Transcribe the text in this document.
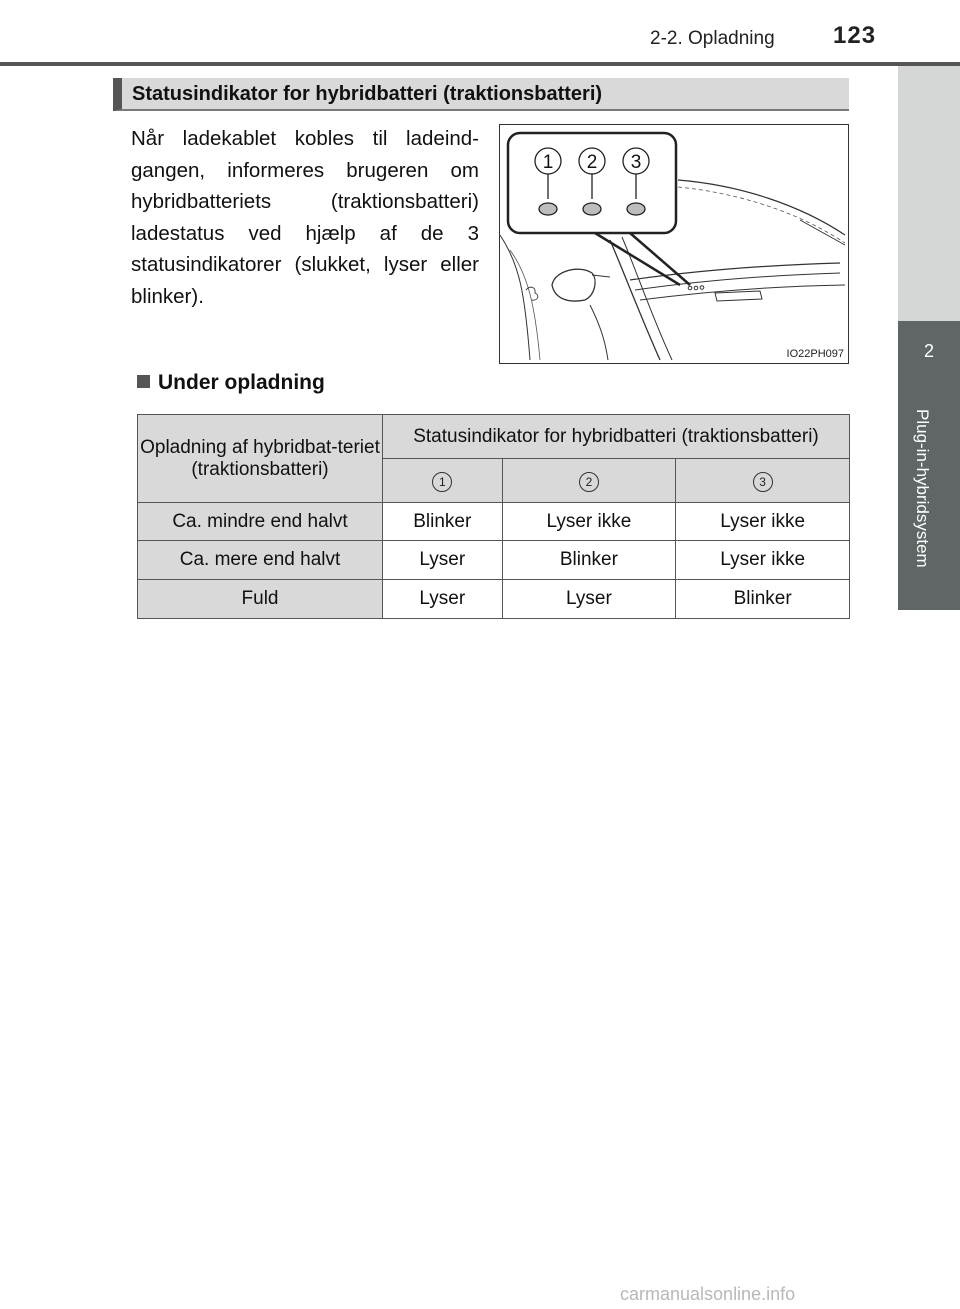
2-2. Opladning 123
2
Plug-in-hybridsystem
Statusindikator for hybridbatteri (traktionsbatteri)
Når ladekablet kobles til ladeind-gangen, informeres brugeren om hybridbatteriets (traktionsbatteri) ladestatus ved hjælp af de 3 statusindikatorer (slukket, lyser eller blinker).
1 2 3
IO22PH097
Under opladning
Opladning af hybridbat-teriet (traktionsbatteri)	Statusindikator for hybridbatteri (traktionsbatteri)		
	1	2	3
Ca. mindre end halvt	Blinker	Lyser ikke	Lyser ikke
Ca. mere end halvt	Lyser	Blinker	Lyser ikke
Fuld	Lyser	Lyser	Blinker
carmanualsonline.info
